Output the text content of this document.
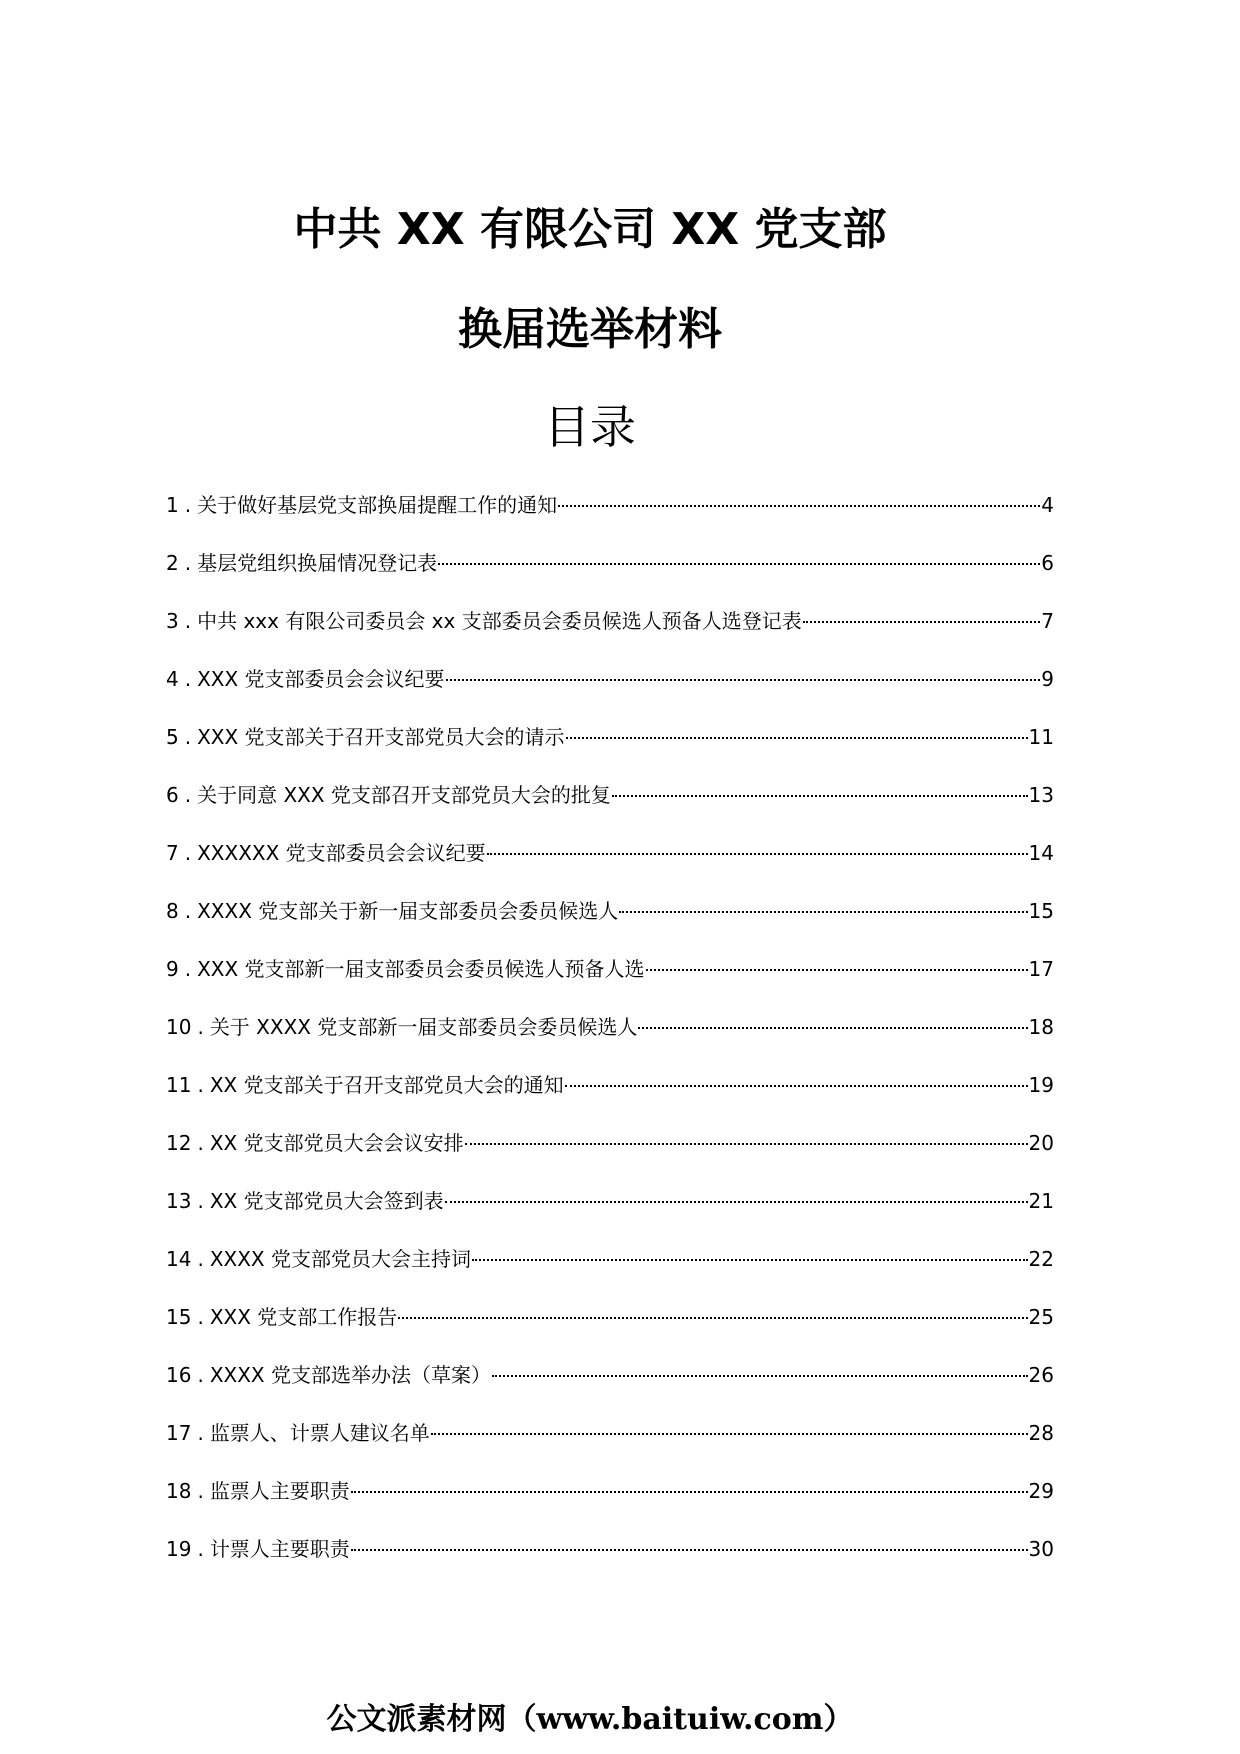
中共 XX 有限公司 XX 党支部
换届选举材料
目录
1 . 关于做好基层党支部换届提醒工作的通知	4
2 . 基层党组织换届情况登记表	6
3 . 中共 xxx 有限公司委员会 xx 支部委员会委员候选人预备人选登记表	7
4 . XXX 党支部委员会会议纪要	9
5 . XXX 党支部关于召开支部党员大会的请示	11
6 . 关于同意 XXX 党支部召开支部党员大会的批复	13
7 . XXXXXX 党支部委员会会议纪要	14
8 . XXXX 党支部关于新一届支部委员会委员候选人	15
9 . XXX 党支部新一届支部委员会委员候选人预备人选	17
10 . 关于 XXXX 党支部新一届支部委员会委员候选人	18
11 . XX 党支部关于召开支部党员大会的通知	19
12 . XX 党支部党员大会会议安排	20
13 . XX 党支部党员大会签到表	21
14 . XXXX 党支部党员大会主持词	22
15 . XXX 党支部工作报告	25
16 . XXXX 党支部选举办法（草案）	26
17 . 监票人、计票人建议名单	28
18 . 监票人主要职责	29
19 . 计票人主要职责	30
公文派素材网（www.baituiw.com）
